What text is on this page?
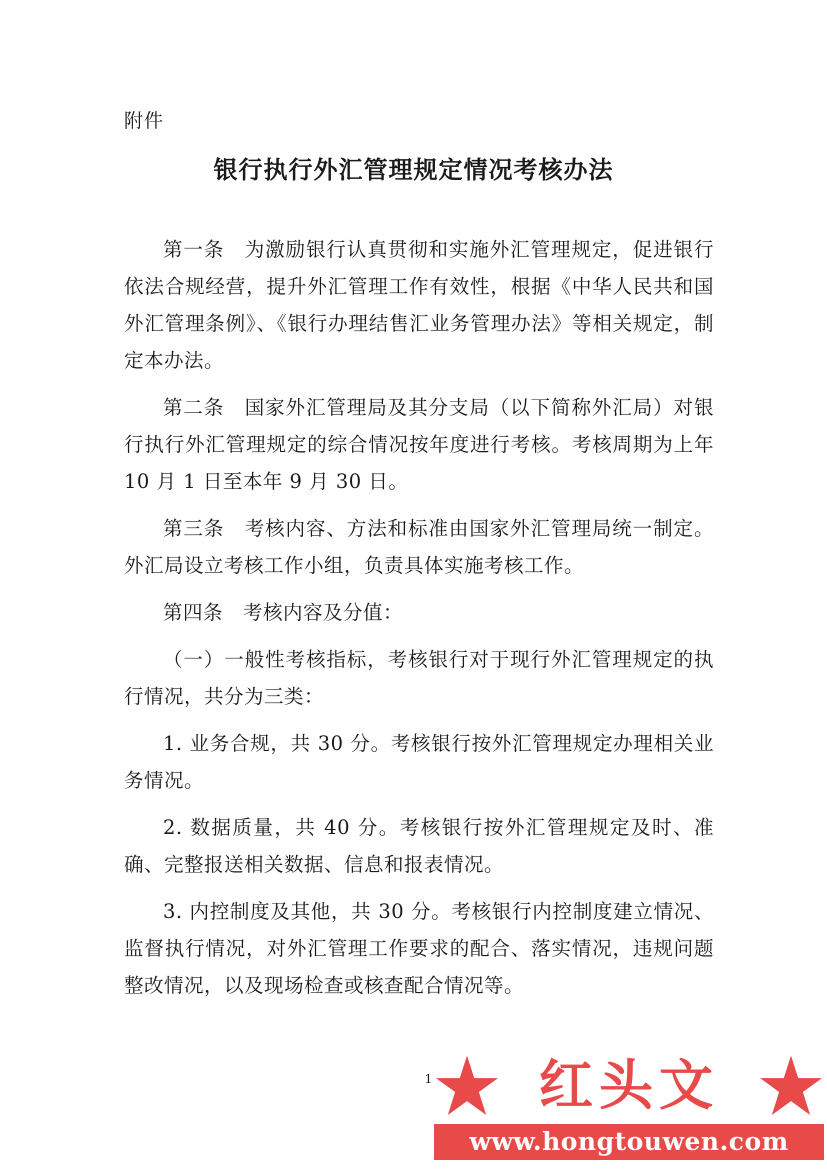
附件
银行执行外汇管理规定情况考核办法

第一条　为激励银行认真贯彻和实施外汇管理规定，促进银行依法合规经营，提升外汇管理工作有效性，根据《中华人民共和国外汇管理条例》、《银行办理结售汇业务管理办法》等相关规定，制定本办法。

第二条　国家外汇管理局及其分支局（以下简称外汇局）对银行执行外汇管理规定的综合情况按年度进行考核。考核周期为上年 10 月 1 日至本年 9 月 30 日。

第三条　考核内容、方法和标准由国家外汇管理局统一制定。外汇局设立考核工作小组，负责具体实施考核工作。

第四条　考核内容及分值：

（一）一般性考核指标，考核银行对于现行外汇管理规定的执行情况，共分为三类：

1. 业务合规，共 30 分。考核银行按外汇管理规定办理相关业务情况。

2. 数据质量，共 40 分。考核银行按外汇管理规定及时、准确、完整报送相关数据、信息和报表情况。

3. 内控制度及其他，共 30 分。考核银行内控制度建立情况、监督执行情况，对外汇管理工作要求的配合、落实情况，违规问题整改情况，以及现场检查或核查配合情况等。

1	红头文
www.hongtouwen.com
